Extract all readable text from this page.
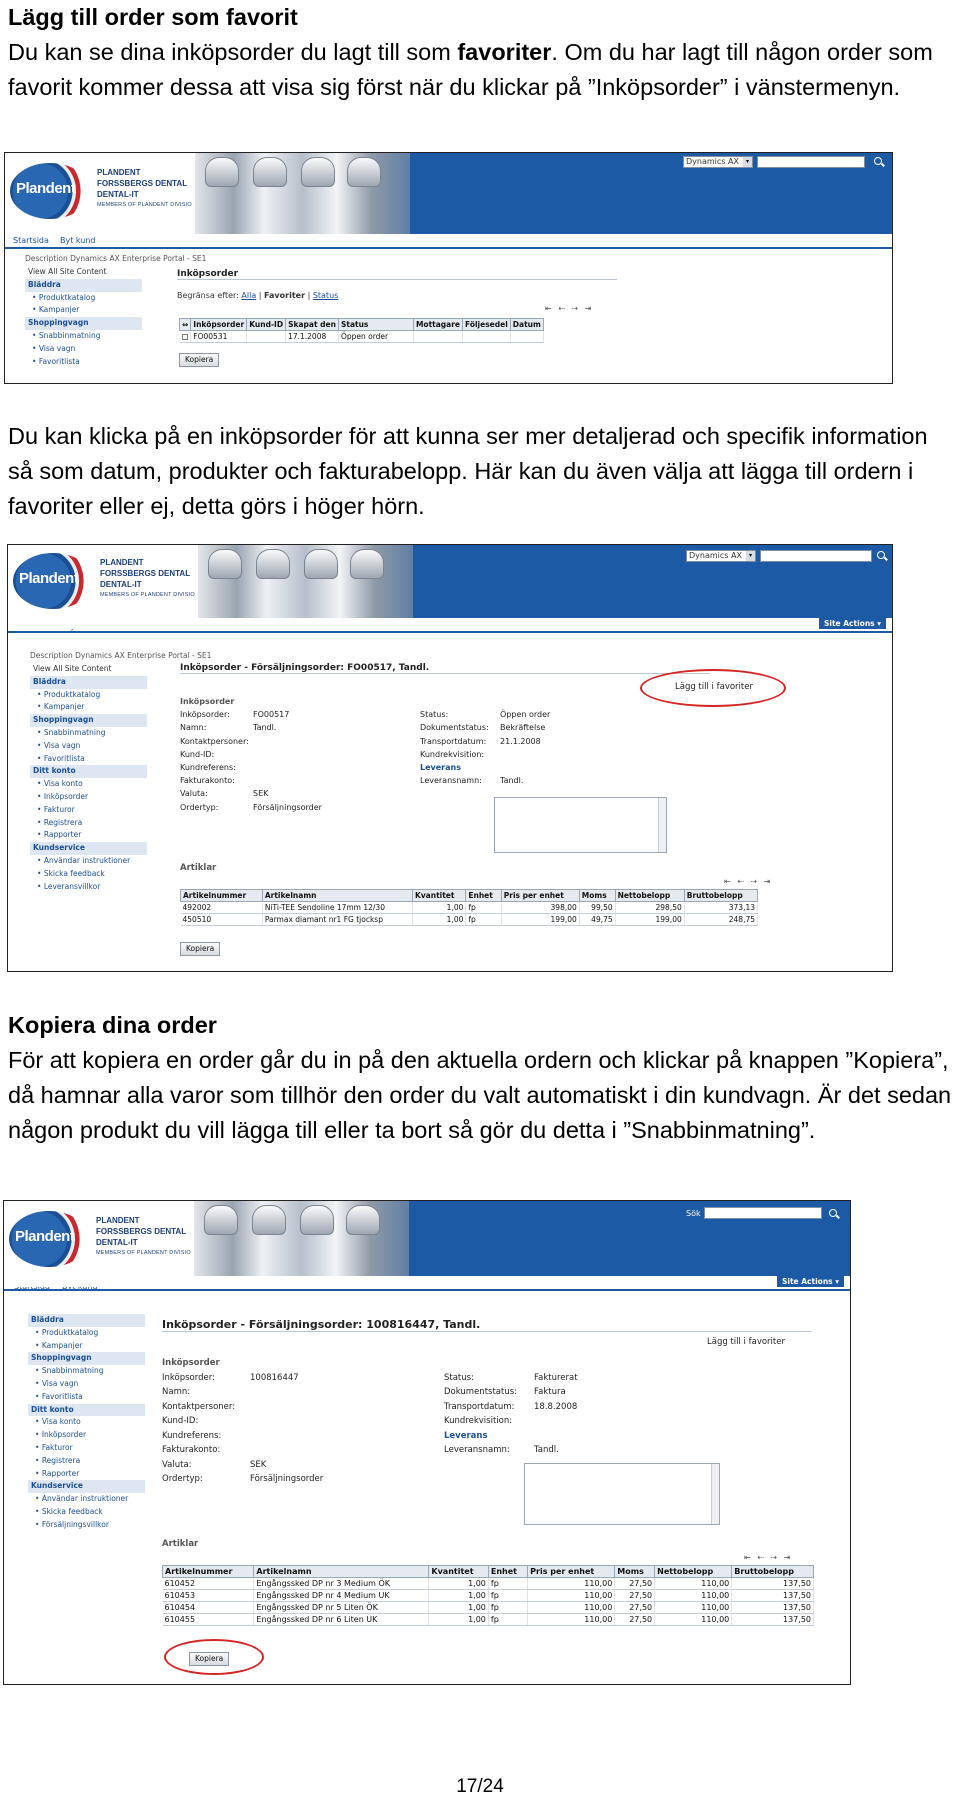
Lägg till order som favorit
Du kan se dina inköpsorder du lagt till som favoriter. Om du har lagt till någon order som favorit kommer dessa att visa sig först när du klickar på ”Inköpsorder” i vänstermenyn.

Plandent
PLANDENT
FORSSBERGS DENTAL
DENTAL-IT
MEMBERS OF PLANDENT DIVISIO
Dynamics AX	▾
Startsida Byt kund
Description Dynamics AX Enterprise Portal - SE1
View All Site Content
Bläddra
• Produktkatalog
• Kampanjer
Shoppingvagn
• Snabbinmatning
• Visa vagn
• Favoritlista
Inköpsorder
Begränsa efter: Alla | Favoriter | Status
⇤ ⇠ ⇢ ⇥
⇔	Inköpsorder	Kund-ID	Skapat den	Status	Mottagare	Följesedel	Datum
	FO00531		17.1.2008	Öppen order			
Kopiera

Du kan klicka på en inköpsorder för att kunna ser mer detaljerad och specifik information så som datum, produkter och fakturabelopp. Här kan du även välja att lägga till ordern i favoriter eller ej, detta görs i höger hörn.

Plandent
PLANDENT
FORSSBERGS DENTAL
DENTAL-IT
MEMBERS OF PLANDENT DIVISIO
Dynamics AX	▾
Site Actions ▾
Description Dynamics AX Enterprise Portal - SE1
View All Site Content
Bläddra
• Produktkatalog
• Kampanjer
Shoppingvagn
• Snabbinmatning
• Visa vagn
• Favoritlista
Ditt konto
• Visa konto
• Inköpsorder
• Fakturor
• Registrera
• Rapporter
Kundservice
• Användar instruktioner
• Skicka feedback
• Leveransvillkor
Inköpsorder - Försäljningsorder: FO00517, Tandl.
Lägg till i favoriter
Inköpsorder
Inköpsorder:	FO00517
Namn:	Tandl.
Kontaktpersoner:
Kund-ID:
Kundreferens:
Fakturakonto:
Valuta:	SEK
Ordertyp:	Försäljningsorder

Status:	Öppen order
Dokumentstatus: Bekräftelse
Transportdatum: 21.1.2008
Kundrekvisition:
Leverans
Leveransnamn: Tandl.
Artiklar
⇤ ⇠ ⇢ ⇥
Artikelnummer	Artikelnamn	Kvantitet	Enhet	Pris per enhet	Moms	Nettobelopp	Bruttobelopp
492002	NiTi-TEE Sendoline 17mm 12/30	1,00	fp	398,00	99,50	298,50	373,13
450510	Parmax diamant nr1 FG tjocksp	1,00	fp	199,00	49,75	199,00	248,75
Kopiera

Kopiera dina order
För att kopiera en order går du in på den aktuella ordern och klickar på knappen ”Kopiera”, då hamnar alla varor som tillhör den order du valt automatiskt i din kundvagn. Är det sedan någon produkt du vill lägga till eller ta bort så gör du detta i ”Snabbinmatning”.

Plandent
PLANDENT
FORSSBERGS DENTAL
DENTAL-IT
MEMBERS OF PLANDENT DIVISIO
Sök
Site Actions ▾
Bläddra
• Produktkatalog
• Kampanjer
Shoppingvagn
• Snabbinmatning
• Visa vagn
• Favoritlista
Ditt konto
• Visa konto
• Inköpsorder
• Fakturor
• Registrera
• Rapporter
Kundservice
• Användar instruktioner
• Skicka feedback
• Försäljningsvillkor
Inköpsorder - Försäljningsorder: 100816447, Tandl.
Lägg till i favoriter
Inköpsorder
Inköpsorder:	100816447
Namn:
Kontaktpersoner:
Kund-ID:
Kundreferens:
Fakturakonto:
Valuta:	SEK
Ordertyp:	Försäljningsorder

Status:	Fakturerat
Dokumentstatus: Faktura
Transportdatum: 18.8.2008
Kundrekvisition:
Leverans
Leveransnamn:	Tandl.
Artiklar
⇤ ⇠ ⇢ ⇥
Artikelnummer	Artikelnamn	Kvantitet	Enhet	Pris per enhet	Moms	Nettobelopp	Bruttobelopp
610452	Engångssked DP nr 3 Medium ÖK	1,00	fp	110,00	27,50	110,00	137,50
610453	Engångssked DP nr 4 Medium UK	1,00	fp	110,00	27,50	110,00	137,50
610454	Engångssked DP nr 5 Liten ÖK	1,00	fp	110,00	27,50	110,00	137,50
610455	Engångssked DP nr 6 Liten UK	1,00	fp	110,00	27,50	110,00	137,50
Kopiera
17/24
